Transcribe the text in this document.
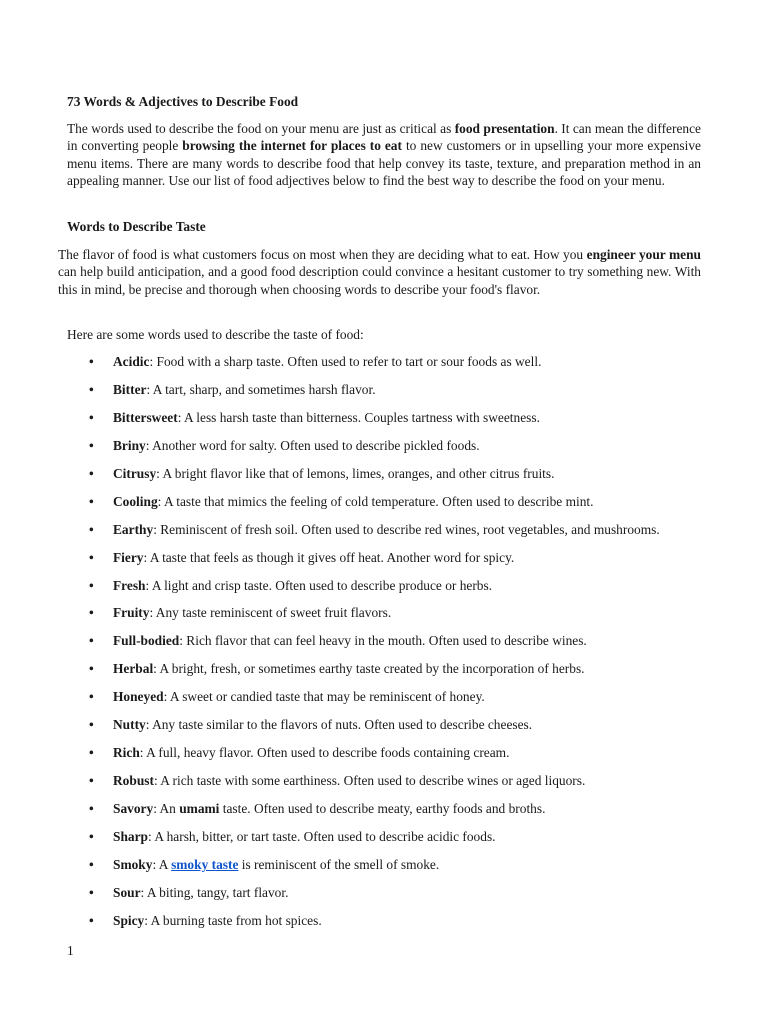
73 Words & Adjectives to Describe Food

The words used to describe the food on your menu are just as critical as food presentation. It can mean the difference in converting people browsing the internet for places to eat to new customers or in upselling your more expensive menu items. There are many words to describe food that help convey its taste, texture, and preparation method in an appealing manner. Use our list of food adjectives below to find the best way to describe the food on your menu.

Words to Describe Taste

The flavor of food is what customers focus on most when they are deciding what to eat. How you engineer your menu can help build anticipation, and a good food description could convince a hesitant customer to try something new. With this in mind, be precise and thorough when choosing words to describe your food's flavor.

Here are some words used to describe the taste of food:

• Acidic: Food with a sharp taste. Often used to refer to tart or sour foods as well.
• Bitter: A tart, sharp, and sometimes harsh flavor.
• Bittersweet: A less harsh taste than bitterness. Couples tartness with sweetness.
• Briny: Another word for salty. Often used to describe pickled foods.
• Citrusy: A bright flavor like that of lemons, limes, oranges, and other citrus fruits.
• Cooling: A taste that mimics the feeling of cold temperature. Often used to describe mint.
• Earthy: Reminiscent of fresh soil. Often used to describe red wines, root vegetables, and mushrooms.
• Fiery: A taste that feels as though it gives off heat. Another word for spicy.
• Fresh: A light and crisp taste. Often used to describe produce or herbs.
• Fruity: Any taste reminiscent of sweet fruit flavors.
• Full-bodied: Rich flavor that can feel heavy in the mouth. Often used to describe wines.
• Herbal: A bright, fresh, or sometimes earthy taste created by the incorporation of herbs.
• Honeyed: A sweet or candied taste that may be reminiscent of honey.
• Nutty: Any taste similar to the flavors of nuts. Often used to describe cheeses.
• Rich: A full, heavy flavor. Often used to describe foods containing cream.
• Robust: A rich taste with some earthiness. Often used to describe wines or aged liquors.
• Savory: An umami taste. Often used to describe meaty, earthy foods and broths.
• Sharp: A harsh, bitter, or tart taste. Often used to describe acidic foods.
• Smoky: A smoky taste is reminiscent of the smell of smoke.
• Sour: A biting, tangy, tart flavor.
• Spicy: A burning taste from hot spices.
1
